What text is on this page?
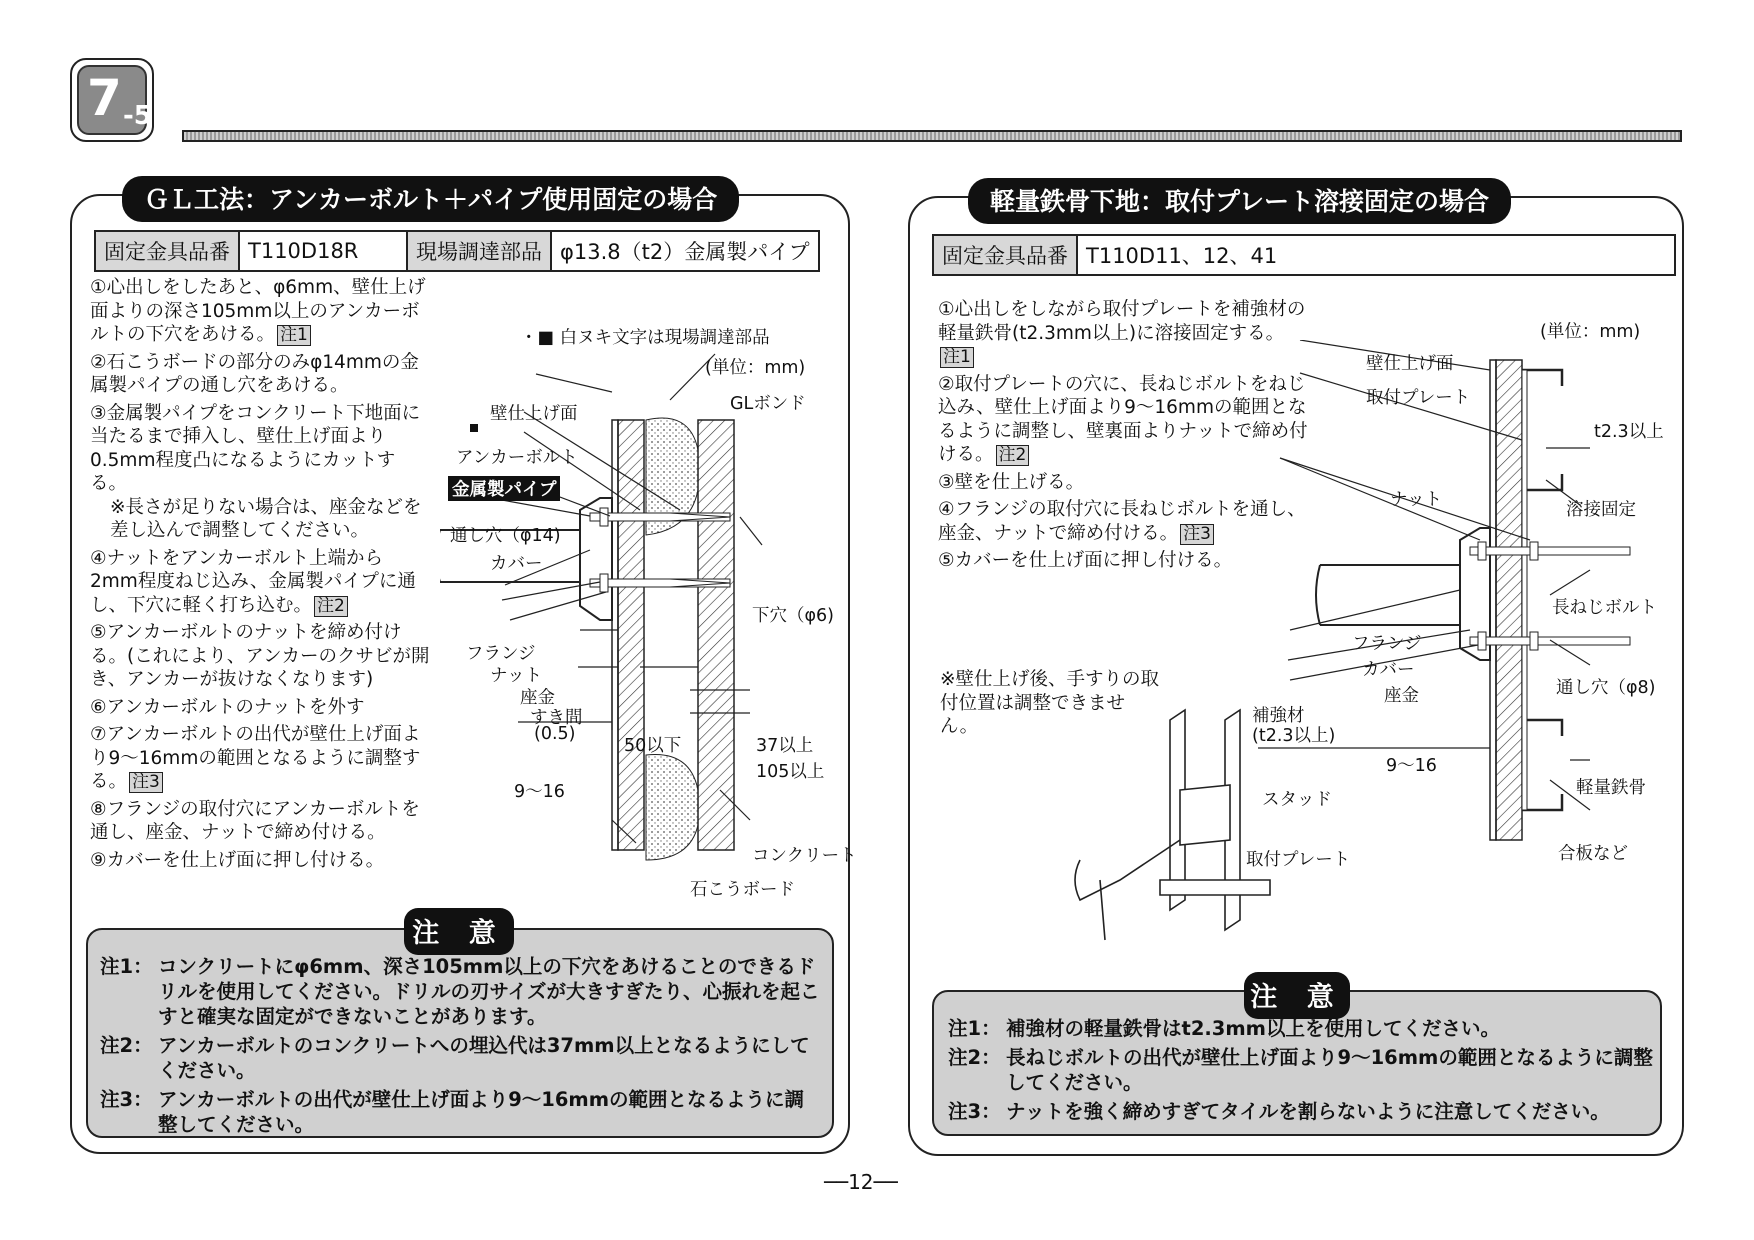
7 -5
ＧＬ工法：アンカーボルト＋パイプ使用固定の場合
固定金具品番	T110D18R	現場調達部品	φ13.8（t2）金属製パイプ
①心出しをしたあと、φ6mm、壁仕上げ面よりの深さ105mm以上のアンカーボルトの下穴をあける。 注1
②石こうボードの部分のみφ14mmの金属製パイプの通し穴をあける。
③金属製パイプをコンクリート下地面に当たるまで挿入し、壁仕上げ面より0.5mm程度凸になるようにカットする。
※長さが足りない場合は、座金などを差し込んで調整してください。
④ナットをアンカーボルト上端から2mm程度ねじ込み、金属製パイプに通し、下穴に軽く打ち込む。 注2
⑤アンカーボルトのナットを締め付ける。(これにより、アンカーのクサビが開き、アンカーが抜けなくなります)
⑥アンカーボルトのナットを外す
⑦アンカーボルトの出代が壁仕上げ面より9～16mmの範囲となるように調整する。 注3
⑧フランジの取付穴にアンカーボルトを通し、座金、ナットで締め付ける。
⑨カバーを仕上げ面に押し付ける。
・■ 白ヌキ文字は現場調達部品
(単位：mm)
壁仕上げ面	GLボンド
アンカーボルト
金属製パイプ
通し穴（φ14)
カバー
下穴（φ6)
フランジ
ナット
座金
すき間
(0.5)
50以下	37以上
105以上
9～16
コンクリート
石こうボード
注 意
注1： コンクリートにφ6mm、深さ105mm以上の下穴をあけることのできるドリルを使用してください。ドリルの刃サイズが大きすぎたり、心振れを起こすと確実な固定ができないことがあります。
注2： アンカーボルトのコンクリートへの埋込代は37mm以上となるようにしてください。
注3： アンカーボルトの出代が壁仕上げ面より9～16mmの範囲となるように調整してください。
軽量鉄骨下地：取付プレート溶接固定の場合
固定金具品番	T110D11、12、41
①心出しをしながら取付プレートを補強材の軽量鉄骨(t2.3mm以上)に溶接固定する。注1
②取付プレートの穴に、長ねじボルトをねじ込み、壁仕上げ面より9～16mmの範囲となるように調整し、壁裏面よりナットで締め付ける。 注2
③壁を仕上げる。
④フランジの取付穴に長ねじボルトを通し、座金、ナットで締め付ける。 注3
⑤カバーを仕上げ面に押し付ける。
※壁仕上げ後、手すりの取付位置は調整できません。
(単位：mm)
壁仕上げ面
取付プレート
t2.3以上
ナット	溶接固定
長ねじボルト
フランジ
カバー
座金	通し穴（φ8)
9～16
軽量鉄骨
合板など
補強材
(t2.3以上)
スタッド
取付プレート
注 意
注1： 補強材の軽量鉄骨はt2.3mm以上を使用してください。
注2： 長ねじボルトの出代が壁仕上げ面より9～16mmの範囲となるように調整してください。
注3： ナットを強く締めすぎてタイルを割らないように注意してください。
──12──
